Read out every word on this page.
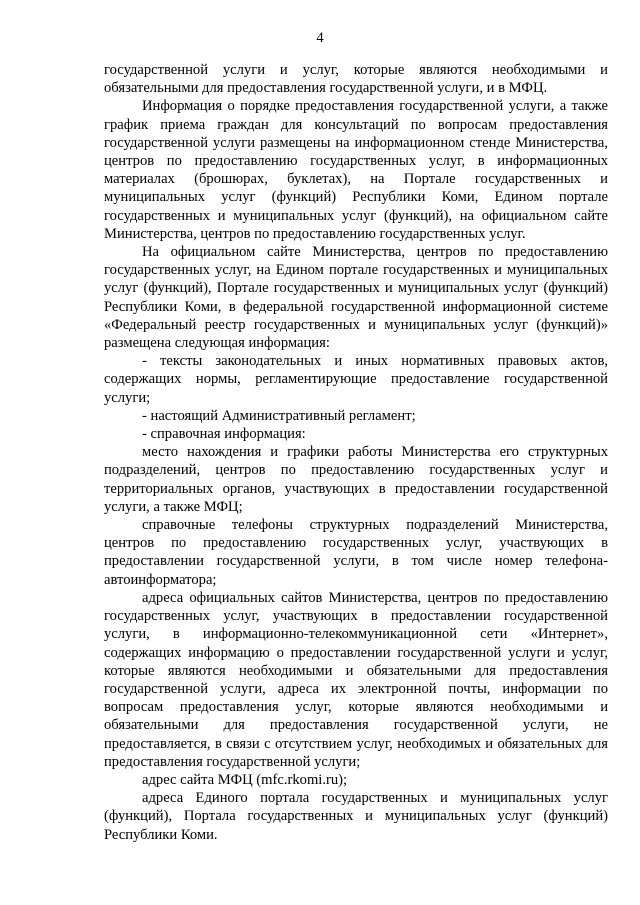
4

государственной услуги и услуг, которые являются необходимыми и обязательными для предоставления государственной услуги, и в МФЦ.

Информация о порядке предоставления государственной услуги, а также график приема граждан для консультаций по вопросам предоставления государственной услуги размещены на информационном стенде Министерства, центров по предоставлению государственных услуг, в информационных материалах (брошюрах, буклетах), на Портале государственных и муниципальных услуг (функций) Республики Коми, Едином портале государственных и муниципальных услуг (функций), на официальном сайте Министерства, центров по предоставлению государственных услуг.

На официальном сайте Министерства, центров по предоставлению государственных услуг, на Едином портале государственных и муниципальных услуг (функций), Портале государственных и муниципальных услуг (функций) Республики Коми, в федеральной государственной информационной системе «Федеральный реестр государственных и муниципальных услуг (функций)» размещена следующая информация:

- тексты законодательных и иных нормативных правовых актов, содержащих нормы, регламентирующие предоставление государственной услуги;

- настоящий Административный регламент;

- справочная информация:

место нахождения и графики работы Министерства его структурных подразделений, центров по предоставлению государственных услуг и территориальных органов, участвующих в предоставлении государственной услуги, а также МФЦ;

справочные телефоны структурных подразделений Министерства, центров по предоставлению государственных услуг, участвующих в предоставлении государственной услуги, в том числе номер телефона-автоинформатора;

адреса официальных сайтов Министерства, центров по предоставлению государственных услуг, участвующих в предоставлении государственной услуги, в информационно-телекоммуникационной сети «Интернет», содержащих информацию о предоставлении государственной услуги и услуг, которые являются необходимыми и обязательными для предоставления государственной услуги, адреса их электронной почты, информации по вопросам предоставления услуг, которые являются необходимыми и обязательными для предоставления государственной услуги, не предоставляется, в связи с отсутствием услуг, необходимых и обязательных для предоставления государственной услуги;

адрес сайта МФЦ (mfc.rkomi.ru);

адреса Единого портала государственных и муниципальных услуг (функций), Портала государственных и муниципальных услуг (функций) Республики Коми.
